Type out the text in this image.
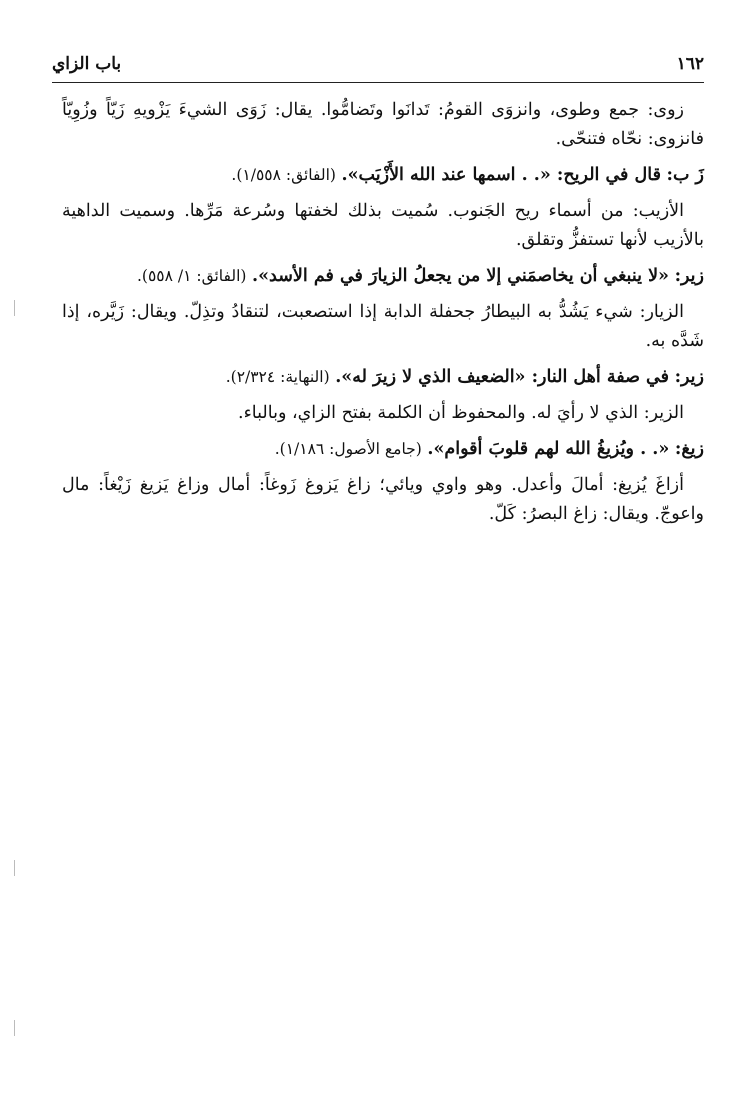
١٦٢
باب الزاي

زوى: جمع وطوى، وانزوَى القومُ: تَدانَوا وتَضامُّوا. يقال: زَوَى الشيءَ يَزْويهِ زَيّاً وزُوِيّاً فانزوى: نحّاه فتنحّى.

زَ ب: قال في الريح: «. . اسمها عند الله الأَزْيَب». (الفائق: ١/٥٥٨).

الأزيب: من أسماء ريح الجَنوب. سُميت بذلك لخفتها وسُرعة مَرِّها. وسميت الداهية بالأزيب لأنها تستفزُّ وتقلق.

زير: «لا ينبغي أن يخاصمَني إلا من يجعلُ الزيارَ في فم الأسد». (الفائق: ١/ ٥٥٨).

الزيار: شيء يَشُدُّ به البيطارُ جحفلة الدابة إذا استصعبت، لتنقادُ وتذِلّ. ويقال: زَيَّره، إذا شَدَّه به.

زير: في صفة أهل النار: «الضعيف الذي لا زيرَ له». (النهاية: ٢/٣٢٤).

الزير: الذي لا رأيَ له. والمحفوظ أن الكلمة بفتح الزاي، وبالباء.

زيغ: «. . ويُزيغُ الله لهم قلوبَ أقوام». (جامع الأصول: ١/١٨٦).

أزاغَ يُزيغ: أمالَ وأعدل. وهو واوي ويائي؛ زاغ يَزوغ زَوغاً: أمال وزاغ يَزيغ زَيْغاً: مال واعوجّ. ويقال: زاغ البصرُ: كَلّ.
